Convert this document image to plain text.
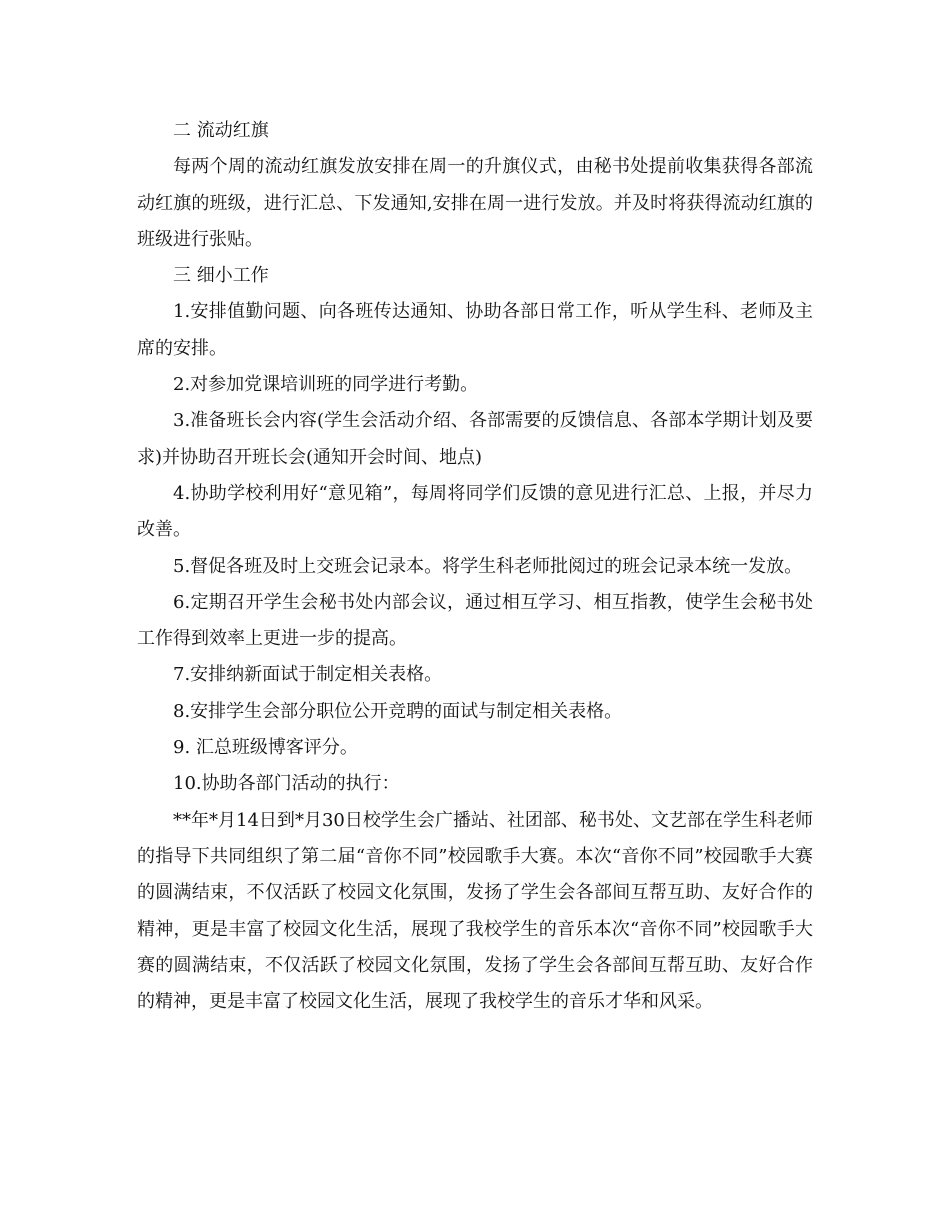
二 流动红旗

每两个周的流动红旗发放安排在周一的升旗仪式，由秘书处提前收集获得各部流动红旗的班级，进行汇总、下发通知,安排在周一进行发放。并及时将获得流动红旗的班级进行张贴。

三 细小工作

1.安排值勤问题、向各班传达通知、协助各部日常工作，听从学生科、老师及主席的安排。

2.对参加党课培训班的同学进行考勤。

3.准备班长会内容(学生会活动介绍、各部需要的反馈信息、各部本学期计划及要求)并协助召开班长会(通知开会时间、地点)

4.协助学校利用好“意见箱”，每周将同学们反馈的意见进行汇总、上报，并尽力改善。

5.督促各班及时上交班会记录本。将学生科老师批阅过的班会记录本统一发放。

6.定期召开学生会秘书处内部会议，通过相互学习、相互指教，使学生会秘书处工作得到效率上更进一步的提高。

7.安排纳新面试于制定相关表格。

8.安排学生会部分职位公开竞聘的面试与制定相关表格。

9. 汇总班级博客评分。

10.协助各部门活动的执行：

**年*月14日到*月30日校学生会广播站、社团部、秘书处、文艺部在学生科老师的指导下共同组织了第二届“音你不同”校园歌手大赛。本次“音你不同”校园歌手大赛的圆满结束，不仅活跃了校园文化氛围，发扬了学生会各部间互帮互助、友好合作的精神，更是丰富了校园文化生活，展现了我校学生的音乐本次“音你不同”校园歌手大赛的圆满结束，不仅活跃了校园文化氛围，发扬了学生会各部间互帮互助、友好合作的精神，更是丰富了校园文化生活，展现了我校学生的音乐才华和风采。
